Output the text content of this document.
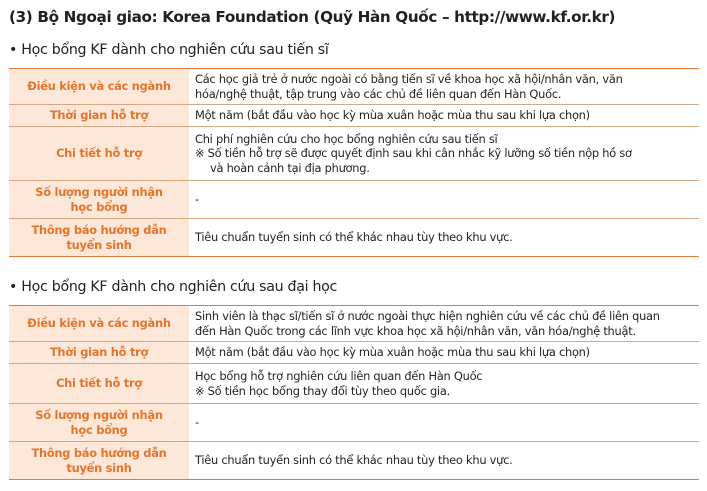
(3) Bộ Ngoại giao: Korea Foundation (Quỹ Hàn Quốc – http://www.kf.or.kr)
• Học bổng KF dành cho nghiên cứu sau tiến sĩ
Điều kiện và các ngành	Các học giả trẻ ở nước ngoài có bằng tiến sĩ về khoa học xã hội/nhân văn, văn
hóa/nghệ thuật, tập trung vào các chủ đề liên quan đến Hàn Quốc.

Thời gian hỗ trợ	Một năm (bắt đầu vào học kỳ mùa xuân hoặc mùa thu sau khi lựa chọn)

Chi tiết hỗ trợ	Chi phí nghiên cứu cho học bổng nghiên cứu sau tiến sĩ
※ Số tiền hỗ trợ sẽ được quyết định sau khi cân nhắc kỹ lưỡng số tiền nộp hồ sơ
và hoàn cảnh tại địa phương.

Số lượng người nhận
học bổng	-

Thông báo hướng dẫn
tuyển sinh	Tiêu chuẩn tuyển sinh có thể khác nhau tùy theo khu vực.
• Học bổng KF dành cho nghiên cứu sau đại học
Điều kiện và các ngành	Sinh viên là thạc sĩ/tiến sĩ ở nước ngoài thực hiện nghiên cứu về các chủ đề liên quan
đến Hàn Quốc trong các lĩnh vực khoa học xã hội/nhân văn, văn hóa/nghệ thuật.

Thời gian hỗ trợ	Một năm (bắt đầu vào học kỳ mùa xuân hoặc mùa thu sau khi lựa chọn)

Chi tiết hỗ trợ	Học bổng hỗ trợ nghiên cứu liên quan đến Hàn Quốc
※ Số tiền học bổng thay đổi tùy theo quốc gia.

Số lượng người nhận
học bổng	-

Thông báo hướng dẫn
tuyển sinh	Tiêu chuẩn tuyển sinh có thể khác nhau tùy theo khu vực.
